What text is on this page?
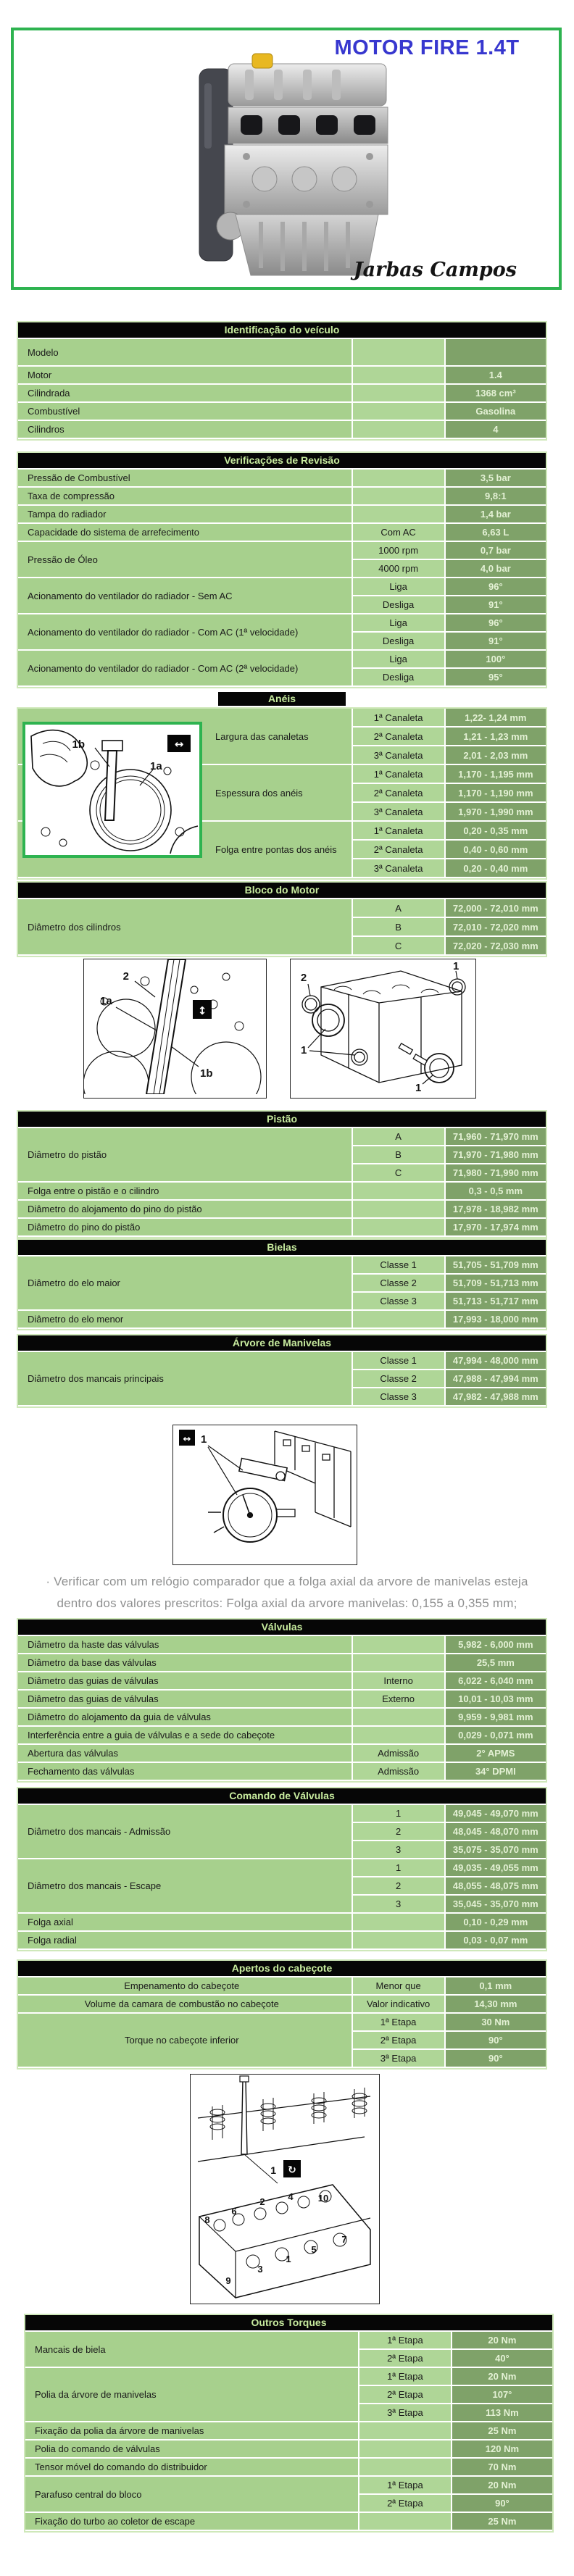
MOTOR FIRE 1.4T
Jarbas Campos
Identificação do veículo		
Modelo		
Motor		1.4
Cilindrada		1368 cm³
Combustível		Gasolina
Cilindros		4
Verificações de Revisão		
Pressão de Combustível		3,5 bar
Taxa de compressão		9,8:1
Tampa do radiador		1,4 bar
Capacidade do sistema de arrefecimento	Com AC	6,63 L
Pressão de Óleo	1000 rpm	0,7 bar
	4000 rpm	4,0 bar
Acionamento do ventilador do radiador - Sem AC	Liga	96°
	Desliga	91°
Acionamento do ventilador do radiador - Com AC (1ª velocidade)	Liga	96°
	Desliga	91°
Acionamento do ventilador do radiador - Com AC (2ª velocidade)	Liga	100°
	Desliga	95°
1b
1a
↔
Anéis
Largura das canaletas	1ª Canaleta	1,22- 1,24 mm
	2ª Canaleta	1,21 - 1,23 mm
	3ª Canaleta	2,01 - 2,03 mm
Espessura dos anéis	1ª Canaleta	1,170 - 1,195 mm
	2ª Canaleta	1,170 - 1,190 mm
	3ª Canaleta	1,970 - 1,990 mm
Folga entre pontas dos anéis	1ª Canaleta	0,20 - 0,35 mm
	2ª Canaleta	0,40 - 0,60 mm
	3ª Canaleta	0,20 - 0,40 mm
Bloco do Motor		
Diâmetro dos cilindros	A	72,000 - 72,010 mm
	B	72,010 - 72,020 mm
	C	72,020 - 72,030 mm
2
1a
1b
↕
2
1
1
1
Pistão		
Diâmetro do pistão	A	71,960 - 71,970 mm
	B	71,970 - 71,980 mm
	C	71,980 - 71,990 mm
Folga entre o pistão e o cilindro		0,3 - 0,5 mm
Diâmetro do alojamento do pino do pistão		17,978 - 18,982 mm
Diâmetro do pino do pistão		17,970 - 17,974 mm
Bielas		
Diâmetro do elo maior	Classe 1	51,705 - 51,709 mm
	Classe 2	51,709 - 51,713 mm
	Classe 3	51,713 - 51,717 mm
Diâmetro do elo menor		17,993 - 18,000 mm
Árvore de Manivelas		
Diâmetro dos mancais principais	Classe 1	47,994 - 48,000 mm
	Classe 2	47,988 - 47,994 mm
	Classe 3	47,982 - 47,988 mm
↔ 1

· Verificar com um relógio comparador que a folga axial da arvore de manivelas esteja

dentro dos valores prescritos: Folga axial da arvore manivelas: 0,155 a 0,355 mm;

Válvulas		
Diâmetro da haste das válvulas		5,982 - 6,000 mm
Diâmetro da base das válvulas		25,5 mm
Diâmetro das guias de válvulas	Interno	6,022 - 6,040 mm
Diâmetro das guias de válvulas	Externo	10,01 - 10,03 mm
Diâmetro do alojamento da guia de válvulas		9,959 - 9,981 mm
Interferência entre a guia de válvulas e a sede do cabeçote		0,029 - 0,071 mm
Abertura das válvulas	Admissão	2° APMS
Fechamento das válvulas	Admissão	34° DPMI
Comando de Válvulas		
Diâmetro dos mancais - Admissão	1	49,045 - 49,070 mm
	2	48,045 - 48,070 mm
	3	35,075 - 35,070 mm
Diâmetro dos mancais - Escape	1	49,035 - 49,055 mm
	2	48,055 - 48,075 mm
	3	35,045 - 35,070 mm
Folga axial		0,10 - 0,29 mm
Folga radial		0,03 - 0,07 mm
Apertos do cabeçote		
Empenamento do cabeçote	Menor que	0,1 mm
Volume da camara de combustão no cabeçote	Valor indicativo	14,30 mm
Torque no cabeçote inferior	1ª Etapa	30 Nm
	2ª Etapa	90°
	3ª Etapa	90°
↻
1
2 4	10
6
8
7
5
1
3
9
Outros Torques		
Mancais de biela	1ª Etapa	20 Nm
	2ª Etapa	40°
Polia da árvore de manivelas	1ª Etapa	20 Nm
	2ª Etapa	107°
	3ª Etapa	113 Nm
Fixação da polia da árvore de manivelas		25 Nm
Polia do comando de válvulas		120 Nm
Tensor móvel do comando do distribuidor		70 Nm
Parafuso central do bloco	1ª Etapa	20 Nm
	2ª Etapa	90°
Fixação do turbo ao coletor de escape		25 Nm
